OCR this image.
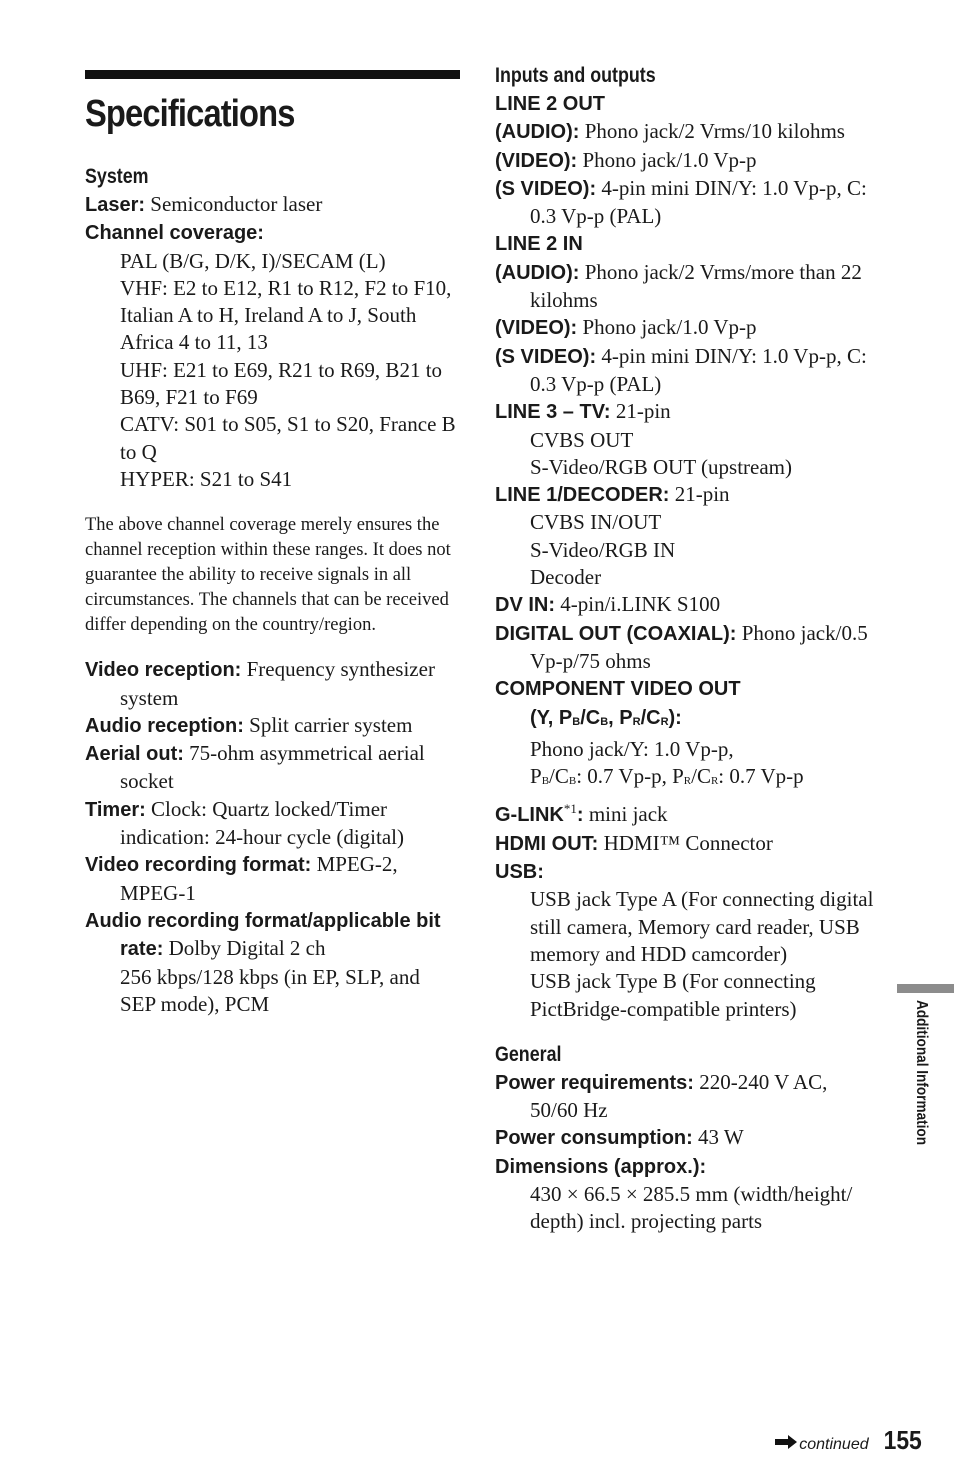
Specifications
System
Laser: Semiconductor laser
Channel coverage:
PAL (B/G, D/K, I)/SECAM (L)
VHF: E2 to E12, R1 to R12, F2 to F10, Italian A to H, Ireland A to J, South Africa 4 to 11, 13
UHF: E21 to E69, R21 to R69, B21 to B69, F21 to F69
CATV: S01 to S05, S1 to S20, France B to Q
HYPER: S21 to S41
The above channel coverage merely ensures the channel reception within these ranges. It does not guarantee the ability to receive signals in all circumstances. The channels that can be received differ depending on the country/region.
Video reception: Frequency synthesizer system
Audio reception: Split carrier system
Aerial out: 75-ohm asymmetrical aerial socket
Timer: Clock: Quartz locked/Timer indication: 24-hour cycle (digital)
Video recording format: MPEG-2, MPEG-1
Audio recording format/applicable bit rate: Dolby Digital 2 ch
256 kbps/128 kbps (in EP, SLP, and SEP mode), PCM
Inputs and outputs
LINE 2 OUT
(AUDIO): Phono jack/2 Vrms/10 kilohms
(VIDEO): Phono jack/1.0 Vp-p
(S VIDEO): 4-pin mini DIN/Y: 1.0 Vp-p, C: 0.3 Vp-p (PAL)
LINE 2 IN
(AUDIO): Phono jack/2 Vrms/more than 22 kilohms
(VIDEO): Phono jack/1.0 Vp-p
(S VIDEO): 4-pin mini DIN/Y: 1.0 Vp-p, C: 0.3 Vp-p (PAL)
LINE 3 – TV: 21-pin
CVBS OUT
S-Video/RGB OUT (upstream)
LINE 1/DECODER: 21-pin
CVBS IN/OUT
S-Video/RGB IN
Decoder
DV IN: 4-pin/i.LINK S100
DIGITAL OUT (COAXIAL): Phono jack/0.5 Vp-p/75 ohms
COMPONENT VIDEO OUT
(Y, $P_B/C_B$, $P_R/C_R$):
Phono jack/Y: 1.0 Vp-p,
$P_B/C_B$: 0.7 Vp-p, $P_R/C_R$: 0.7 Vp-p
G-LINK$^{*1}$: mini jack
HDMI OUT: HDMI™ Connector
USB:
USB jack Type A (For connecting digital still camera, Memory card reader, USB memory and HDD camcorder)
USB jack Type B (For connecting PictBridge-compatible printers)
General
Power requirements: 220-240 V AC, 50/60 Hz
Power consumption: 43 W
Dimensions (approx.):
430 × 66.5 × 285.5 mm (width/height/ depth) incl. projecting parts
Additional Information
continued 155
